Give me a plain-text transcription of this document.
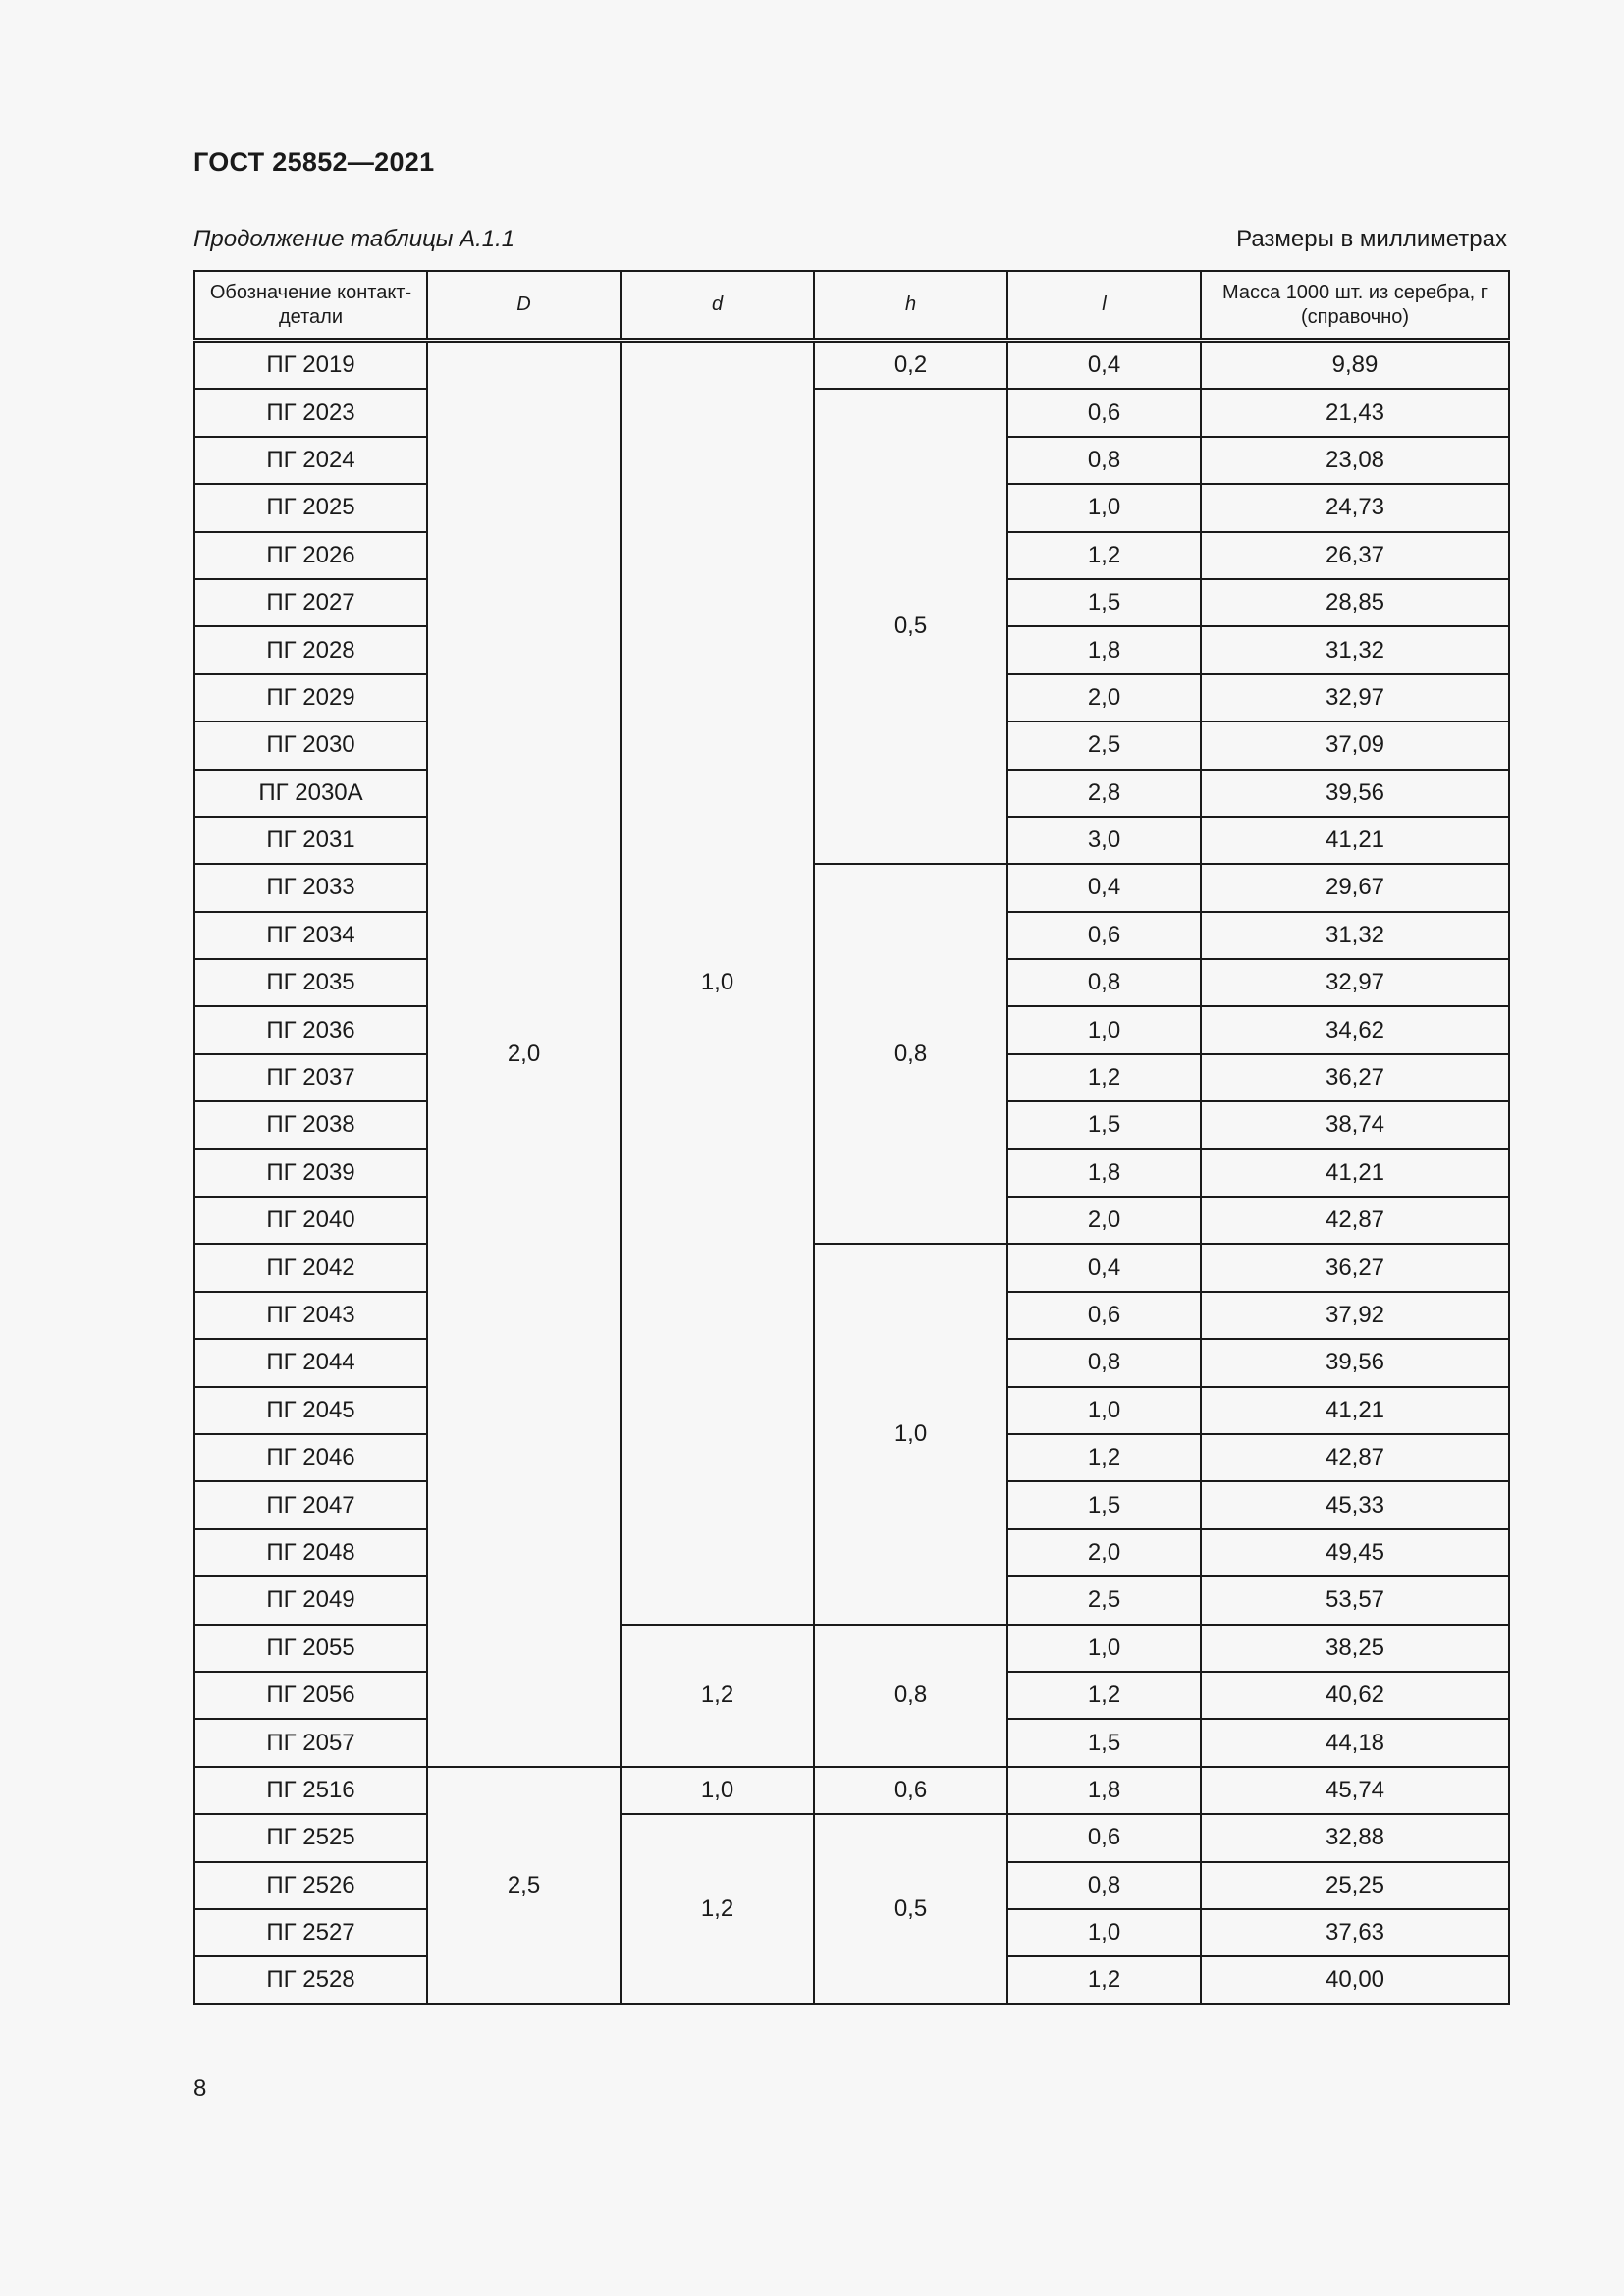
ГОСТ 25852—2021
Продолжение таблицы А.1.1	Размеры в миллиметрах
Обозначение контакт-детали	D	d	h	l	Масса 1000 шт. из серебра, г (справочно)
ПГ 2019	2,0	1,0	0,2	0,4	9,89
ПГ 2023			0,5	0,6	21,43
ПГ 2024				0,8	23,08
ПГ 2025				1,0	24,73
ПГ 2026				1,2	26,37
ПГ 2027				1,5	28,85
ПГ 2028				1,8	31,32
ПГ 2029				2,0	32,97
ПГ 2030				2,5	37,09
ПГ 2030А				2,8	39,56
ПГ 2031				3,0	41,21
ПГ 2033			0,8	0,4	29,67
ПГ 2034				0,6	31,32
ПГ 2035				0,8	32,97
ПГ 2036				1,0	34,62
ПГ 2037				1,2	36,27
ПГ 2038				1,5	38,74
ПГ 2039				1,8	41,21
ПГ 2040				2,0	42,87
ПГ 2042			1,0	0,4	36,27
ПГ 2043				0,6	37,92
ПГ 2044				0,8	39,56
ПГ 2045				1,0	41,21
ПГ 2046				1,2	42,87
ПГ 2047				1,5	45,33
ПГ 2048				2,0	49,45
ПГ 2049				2,5	53,57
ПГ 2055		1,2	0,8	1,0	38,25
ПГ 2056				1,2	40,62
ПГ 2057				1,5	44,18
ПГ 2516	2,5	1,0	0,6	1,8	45,74
ПГ 2525		1,2	0,5	0,6	32,88
ПГ 2526				0,8	25,25
ПГ 2527				1,0	37,63
ПГ 2528				1,2	40,00
8
